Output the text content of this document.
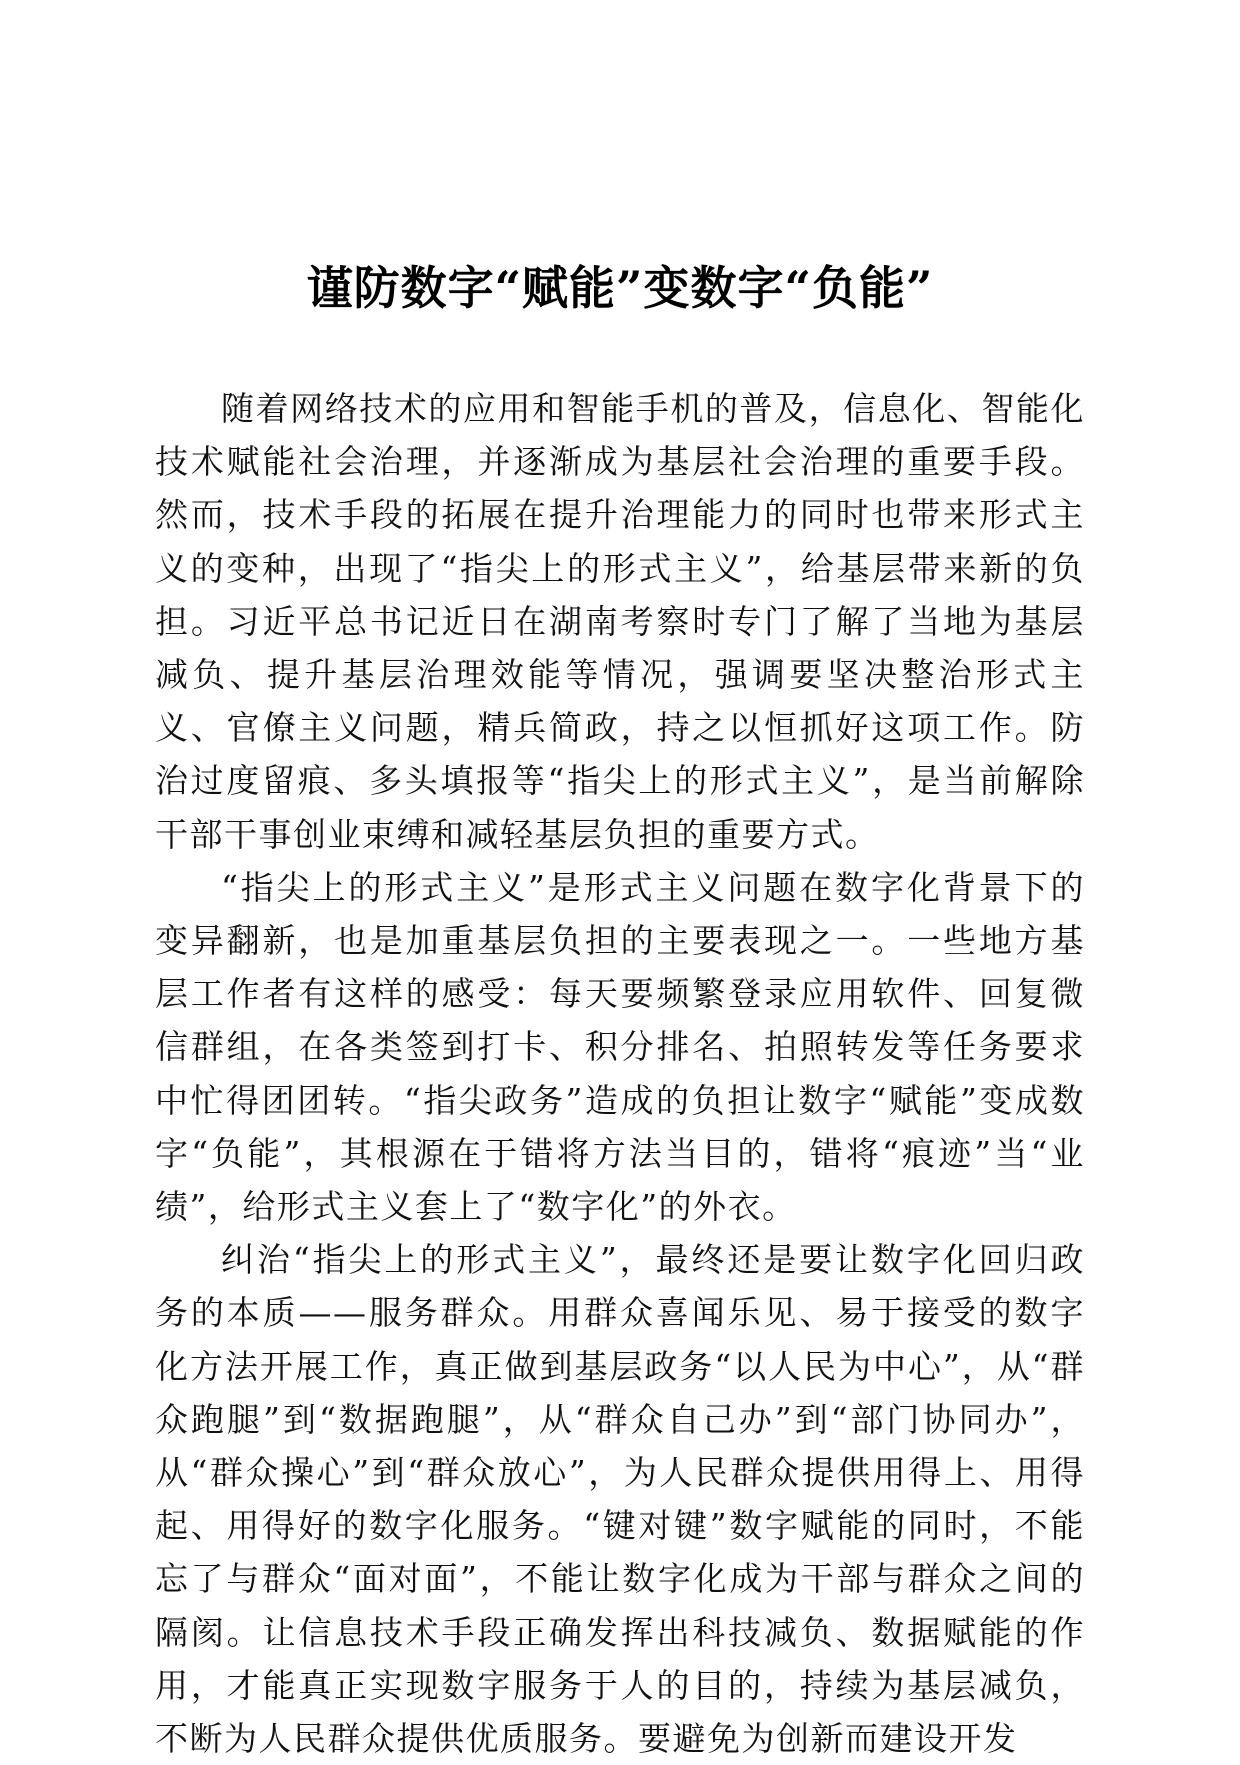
谨防数字“赋能”变数字“负能”

随着网络技术的应用和智能手机的普及，信息化、智能化技术赋能社会治理，并逐渐成为基层社会治理的重要手段。然而，技术手段的拓展在提升治理能力的同时也带来形式主义的变种，出现了“指尖上的形式主义”，给基层带来新的负担。习近平总书记近日在湖南考察时专门了解了当地为基层减负、提升基层治理效能等情况，强调要坚决整治形式主义、官僚主义问题，精兵简政，持之以恒抓好这项工作。防治过度留痕、多头填报等“指尖上的形式主义”，是当前解除干部干事创业束缚和减轻基层负担的重要方式。

“指尖上的形式主义”是形式主义问题在数字化背景下的变异翻新，也是加重基层负担的主要表现之一。一些地方基层工作者有这样的感受：每天要频繁登录应用软件、回复微信群组，在各类签到打卡、积分排名、拍照转发等任务要求中忙得团团转。“指尖政务”造成的负担让数字“赋能”变成数字“负能”，其根源在于错将方法当目的，错将“痕迹”当“业绩”，给形式主义套上了“数字化”的外衣。

纠治“指尖上的形式主义”，最终还是要让数字化回归政务的本质——服务群众。用群众喜闻乐见、易于接受的数字化方法开展工作，真正做到基层政务“以人民为中心”，从“群众跑腿”到“数据跑腿”，从“群众自己办”到“部门协同办”，从“群众操心”到“群众放心”，为人民群众提供用得上、用得起、用得好的数字化服务。“键对键”数字赋能的同时，不能忘了与群众“面对面”，不能让数字化成为干部与群众之间的隔阂。让信息技术手段正确发挥出科技减负、数据赋能的作用，才能真正实现数字服务于人的目的，持续为基层减负，不断为人民群众提供优质服务。要避免为创新而建设开发
